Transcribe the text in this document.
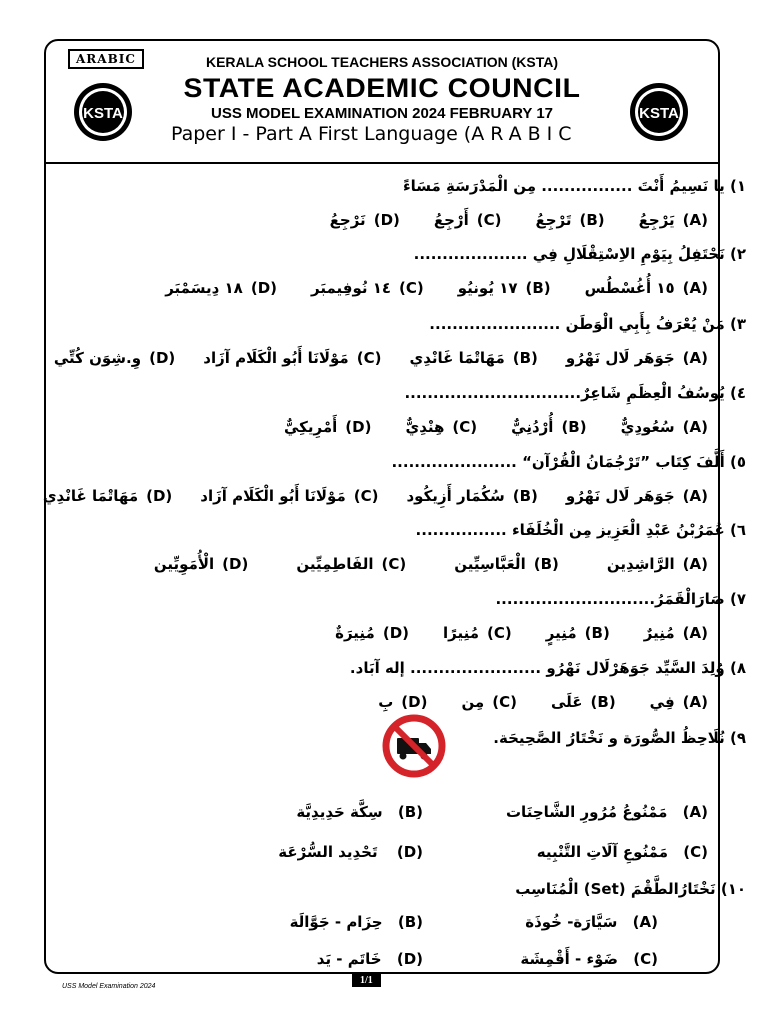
ARABIC
KSTA	KSTA
KERALA SCHOOL TEACHERS ASSOCIATION (KSTA)
STATE ACADEMIC COUNCIL
USS MODEL EXAMINATION 2024 FEBRUARY 17
Paper I - Part A First Language (ARABIC
١) يا نَسِيمُ أَنْتَ ................ مِن الْمَدْرَسَةِ مَسَاءً
(A)يَرْجِعُ
(B)تَرْجِعُ
(C)أَرْجِعُ
(D)نَرْجِعُ
٢) نَحْتَفِلُ بِيَوْمِ الاِسْتِقْلَالِ فِي ....................
(A)١٥ أُغُسْطُس
(B)١٧ يُونيُو
(C)١٤ نُوفِيمبَر
(D)١٨ دِيسَمْبَر
٣) مَنْ يُعْرَفُ بِأَبِي الْوَطَن .......................
(A)جَوَهَر لَال نَهْرُو
(B)مَهَاتْمَا غَانْدِي
(C)مَوْلَانَا أَبُو الْكَلَام آزَاد
(D)وِ.شِوَن كُتِّي
٤) يُوسُفُ الْعِظَمِ شَاعِرٌ...............................
(A)سُعُودِيٌّ
(B)أُرْدُنِيٌّ
(C)هِنْدِيٌّ
(D)أَمْرِيكِيٌّ
٥) أَلَّفَ كِتَاب ”تَرْجُمَانُ الْقُرْآن“ ......................
(A)جَوَهَر لَال نَهْرُو
(B)سُكُمَار أَزِيكُود
(C)مَوْلَانَا أَبُو الْكَلَام آزَاد
(D)مَهَاتْمَا غَانْدِي
٦) عُمَرُبْنُ عَبْدِ الْعَزِيز مِن الْخُلَفَاء ................
(A)الرَّاشِدِين
(B)الْعَبَّاسِيِّين
(C)الفَاطِمِيِّين
(D)الْأُمَوِيِّين
٧) صَارَالْقَمَرُ............................
(A)مُنِيرٌ
(B)مُنِيرٍ
(C)مُنِيرًا
(D)مُنِيرَةٌ
٨) وُلِدَ السَّيِّد جَوَهَرْلَال نَهْرُو ....................... إله آبَاد.
(A)فِي
(B)عَلَى
(C)مِن
(D)بِ
٩) نُلَاحِظُ الصُّورَة و نَخْتَارُ الصَّحِيحَة.
(A) مَمْنُوعُ مُرُورِ الشَّاحِنَات
(B) سِكَّة حَدِيدِيَّة
(C) مَمْنُوعِ آلَاتِ التَّنْبِيه
(D) تَحْدِيد السُّرْعَة
١٠) نَخْتَارُالطَّقْمَ (Set) الْمُنَاسِب
(A) سَيَّارَة- خُوذَة
(B) حِزَام - جَوَّالَة
(C) ضَوْء - أَقْمِشَة
(D) خَاتَم - يَد
1/1
USS Model Examination 2024
